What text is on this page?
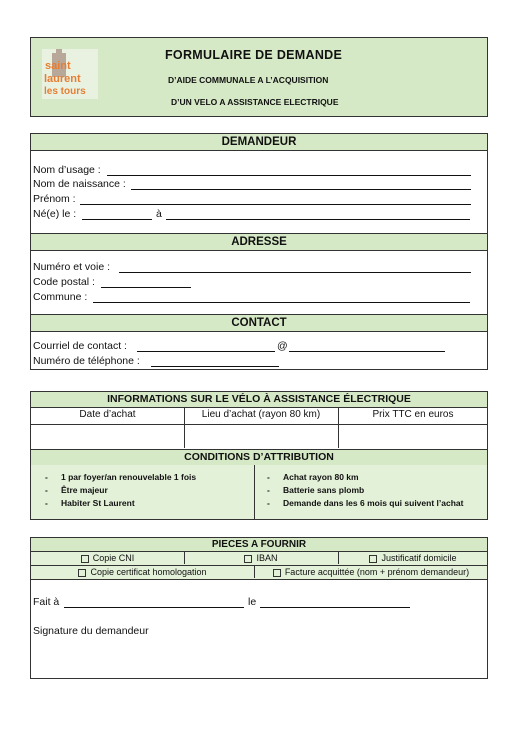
saint
laurent
les tours
FORMULAIRE DE DEMANDE
D’AIDE COMMUNALE A L’ACQUISITION
D’UN VELO A ASSISTANCE ELECTRIQUE
DEMANDEUR
ADRESSE
CONTACT
Nom d’usage :
Nom de naissance :
Prénom :
Né(e) le :	à
Numéro et voie :
Code postal :
Commune :
Courriel de contact :	@
Numéro de téléphone :
INFORMATIONS SUR LE VÉLO À ASSISTANCE ÉLECTRIQUE
CONDITIONS D’ATTRIBUTION
Date d’achat	Lieu d’achat (rayon 80 km)	Prix TTC en euros
- 1 par foyer/an renouvelable 1 fois
- Être majeur
- Habiter St Laurent
- Achat rayon 80 km
- Batterie sans plomb
- Demande dans les 6 mois qui suivent l’achat
PIECES A FOURNIR
Copie CNI	IBAN	Justificatif domicile
Copie certificat homologation	Facture acquittée (nom + prénom demandeur)
Fait à	le
Signature du demandeur
